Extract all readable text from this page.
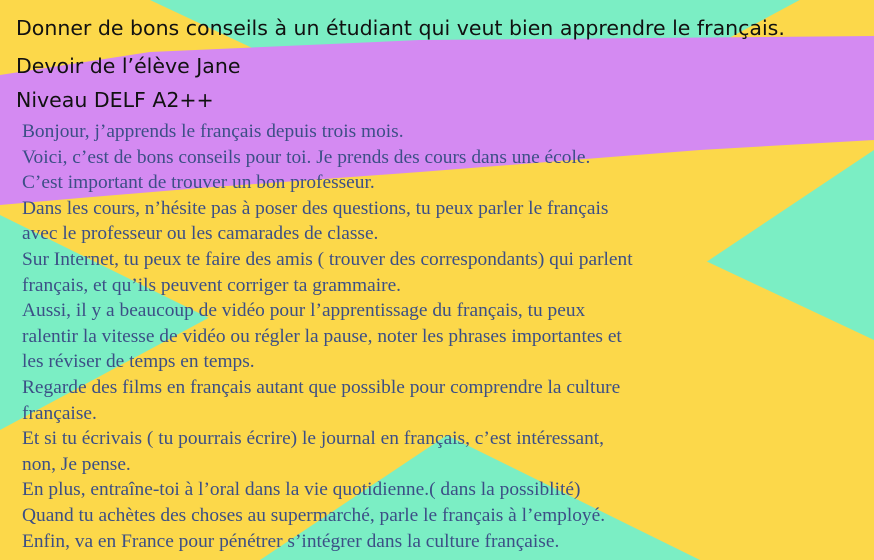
Donner de bons conseils à un étudiant qui veut bien apprendre le français.
Devoir de l’élève Jane
Niveau DELF A2++
Bonjour, j’apprends le français depuis trois mois.
Voici, c’est de bons conseils pour toi. Je prends des cours dans une école.
C’est important de trouver un bon professeur.
Dans les cours, n’hésite pas à poser des questions, tu peux parler le français
avec le professeur ou les camarades de classe.
Sur Internet, tu peux te faire des amis ( trouver des correspondants) qui parlent
français, et qu’ils peuvent corriger ta grammaire.
Aussi, il y a beaucoup de vidéo pour l’apprentissage du français, tu peux
ralentir la vitesse de vidéo ou régler la pause, noter les phrases importantes et
les réviser de temps en temps.
Regarde des films en français autant que possible pour comprendre la culture
française.
Et si tu écrivais ( tu pourrais écrire) le journal en français, c’est intéressant,
non, Je pense.
En plus, entraîne-toi à l’oral dans la vie quotidienne.( dans la possiblité)
Quand tu achètes des choses au supermarché, parle le français à l’employé.
Enfin, va en France pour pénétrer s’intégrer dans la culture française.
